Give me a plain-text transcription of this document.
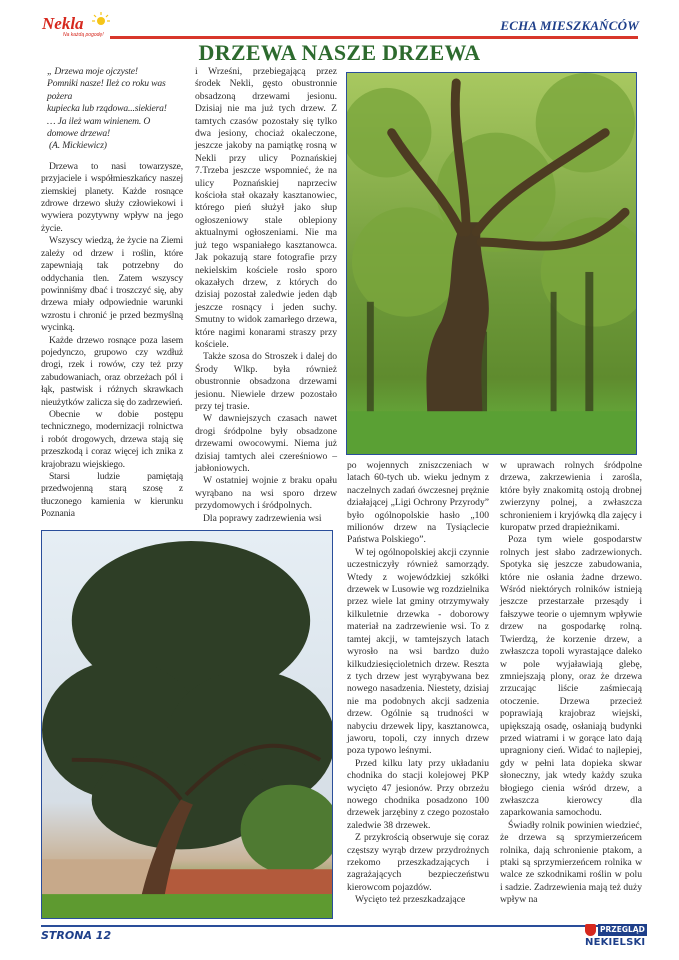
Nekla
Na każdą pogodę!
ECHA MIESZKAŃCÓW
DRZEWA NASZE DRZEWA
„ Drzewa moje ojczyste!
Pomniki nasze! Ileż co roku was pożera
kupiecka lub rządowa...siekiera!
… Ja ileż wam winienem. O domowe drzewa!
(A. Mickiewicz)

Drzewa to nasi towarzysze, przyjaciele i współmieszkańcy naszej ziemskiej planety. Każde rosnące zdrowe drzewo służy człowiekowi i wywiera pozytywny wpływ na jego życie.

Wszyscy wiedzą, że życie na Ziemi zależy od drzew i roślin, które zapewniają tak potrzebny do oddychania tlen. Zatem wszyscy powinniśmy dbać i troszczyć się, aby drzewa miały odpowiednie warunki wzrostu i chronić je przed bezmyślną wycinką.

Każde drzewo rosnące poza lasem pojedynczo, grupowo czy wzdłuż drogi, rzek i rowów, czy też przy zabudowaniach, oraz obrzeżach pól i łąk, pastwisk i różnych skrawkach nieużytków zalicza się do zadrzewień.

Obecnie w dobie postępu technicznego, modernizacji rolnictwa i robót drogowych, drzewa stają się przeszkodą i coraz więcej ich znika z krajobrazu wiejskiego.

Starsi ludzie pamiętają przedwojenną starą szosę z tłuczonego kamienia w kierunku Poznania

i Wrześni, przebiegającą przez środek Nekli, gęsto obustronnie obsadzoną drzewami jesionu. Dzisiaj nie ma już tych drzew. Z tamtych czasów pozostały się tylko dwa jesiony, chociaż okaleczone, jeszcze jakoby na pamiątkę rosną w Nekli przy ulicy Poznańskiej 7.Trzeba jeszcze wspomnieć, że na ulicy Poznańskiej naprzeciw kościoła stał okazały kasztanowiec, którego pień służył jako słup ogłoszeniowy stale oblepiony aktualnymi ogłoszeniami. Nie ma już tego wspaniałego kasztanowca. Jak pokazują stare fotografie przy nekielskim kościele rosło sporo okazałych drzew, z których do dzisiaj pozostał zaledwie jeden dąb jeszcze rosnący i jeden suchy. Smutny to widok zamarłego drzewa, które nagimi konarami straszy przy kościele.

Także szosa do Stroszek i dalej do Środy Wlkp. była również obustronnie obsadzona drzewami jesionu. Niewiele drzew pozostało przy tej trasie.

W dawniejszych czasach nawet drogi śródpolne były obsadzone drzewami owocowymi. Niema już dzisiaj tamtych alei czereśniowo – jabłoniowych.

W ostatniej wojnie z braku opału wyrąbano na wsi sporo drzew przydomowych i śródpolnych.

Dla poprawy zadrzewienia wsi

po wojennych zniszczeniach w latach 60-tych ub. wieku jednym z naczelnych zadań ówczesnej prężnie działającej „Ligi Ochrony Przyrody” było ogólnopolskie hasło „100 milionów drzew na Tysiąclecie Państwa Polskiego”.

W tej ogólnopolskiej akcji czynnie uczestniczyły również samorządy. Wtedy z wojewódzkiej szkółki drzewek w Lusowie wg rozdzielnika przez wiele lat gminy otrzymywały kilkuletnie drzewka - doborowy materiał na zadrzewienie wsi. To z tamtej akcji, w tamtejszych latach wyrosło na wsi bardzo dużo kilkudziesięcioletnich drzew. Reszta z tych drzew jest wyrąbywana bez nowego nasadzenia. Niestety, dzisiaj nie ma podobnych akcji sadzenia drzew. Ogólnie są trudności w nabyciu drzewek lipy, kasztanowca, jaworu, topoli, czy innych drzew poza typowo leśnymi.

Przed kilku laty przy układaniu chodnika do stacji kolejowej PKP wycięto 47 jesionów. Przy obrzeżu nowego chodnika posadzono 100 drzewek jarzębiny z czego pozostało zaledwie 38 drzewek.

Z przykrością obserwuje się coraz częstszy wyrąb drzew przydrożnych rzekomo przeszkadzających i zagrażających bezpieczeństwu kierowcom pojazdów.

Wycięto też przeszkadzające

w uprawach rolnych śródpolne drzewa, zakrzewienia i zarośla, które były znakomitą ostoją drobnej zwierzyny polnej, a zwłaszcza schronieniem i kryjówką dla zajęcy i kuropatw przed drapieżnikami.

Poza tym wiele gospodarstw rolnych jest słabo zadrzewionych. Spotyka się jeszcze zabudowania, które nie osłania żadne drzewo. Wśród niektórych rolników istnieją jeszcze przestarzałe przesądy i fałszywe teorie o ujemnym wpływie drzew na gospodarkę rolną. Twierdzą, że korzenie drzew, a zwłaszcza topoli wyrastające daleko w pole wyjaławiają glebę, zmniejszają plony, oraz że drzewa zrzucając liście zaśmiecają otoczenie. Drzewa przecież poprawiają krajobraz wiejski, upiększają osadę, osłaniają budynki przed wiatrami i w gorące lato dają upragniony cień. Widać to najlepiej, gdy w pełni lata dopieka skwar słoneczny, jak wtedy każdy szuka błogiego cienia wśród drzew, a zwłaszcza kierowcy dla zaparkowania samochodu.

Świadły rolnik powinien wiedzieć, że drzewa są sprzymierzeńcem rolnika, dają schronienie ptakom, a ptaki są sprzymierzeńcem rolnika w walce ze szkodnikami roślin w polu i sadzie. Zadrzewienia mają też duży wpływ na

STRONA 12	PRZEGLĄD
NEKIELSKI
